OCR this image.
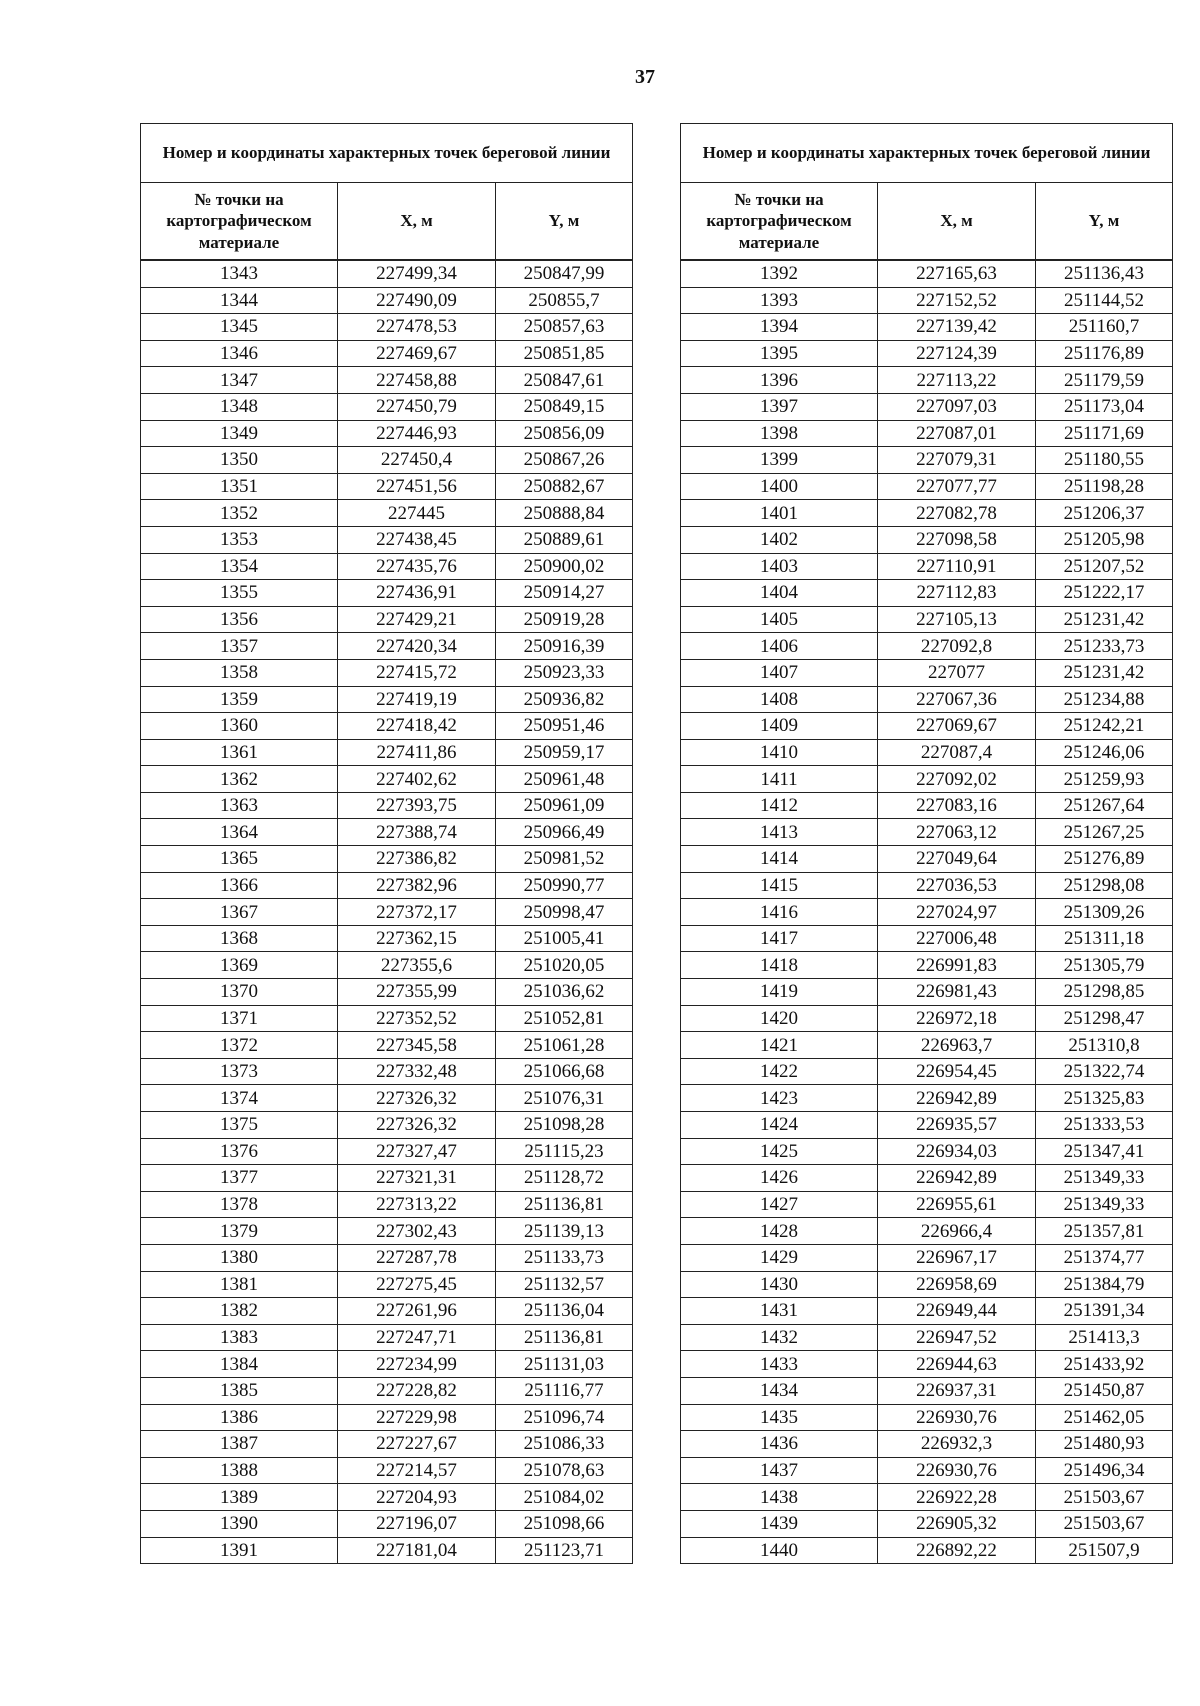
37
Номер и координаты характерных точек береговой линии		
№ точки на картографическом материале	X, м	Y, м
1343	227499,34	250847,99
1344	227490,09	250855,7
1345	227478,53	250857,63
1346	227469,67	250851,85
1347	227458,88	250847,61
1348	227450,79	250849,15
1349	227446,93	250856,09
1350	227450,4	250867,26
1351	227451,56	250882,67
1352	227445	250888,84
1353	227438,45	250889,61
1354	227435,76	250900,02
1355	227436,91	250914,27
1356	227429,21	250919,28
1357	227420,34	250916,39
1358	227415,72	250923,33
1359	227419,19	250936,82
1360	227418,42	250951,46
1361	227411,86	250959,17
1362	227402,62	250961,48
1363	227393,75	250961,09
1364	227388,74	250966,49
1365	227386,82	250981,52
1366	227382,96	250990,77
1367	227372,17	250998,47
1368	227362,15	251005,41
1369	227355,6	251020,05
1370	227355,99	251036,62
1371	227352,52	251052,81
1372	227345,58	251061,28
1373	227332,48	251066,68
1374	227326,32	251076,31
1375	227326,32	251098,28
1376	227327,47	251115,23
1377	227321,31	251128,72
1378	227313,22	251136,81
1379	227302,43	251139,13
1380	227287,78	251133,73
1381	227275,45	251132,57
1382	227261,96	251136,04
1383	227247,71	251136,81
1384	227234,99	251131,03
1385	227228,82	251116,77
1386	227229,98	251096,74
1387	227227,67	251086,33
1388	227214,57	251078,63
1389	227204,93	251084,02
1390	227196,07	251098,66
1391	227181,04	251123,71
Номер и координаты характерных точек береговой линии		
№ точки на картографическом материале	X, м	Y, м
1392	227165,63	251136,43
1393	227152,52	251144,52
1394	227139,42	251160,7
1395	227124,39	251176,89
1396	227113,22	251179,59
1397	227097,03	251173,04
1398	227087,01	251171,69
1399	227079,31	251180,55
1400	227077,77	251198,28
1401	227082,78	251206,37
1402	227098,58	251205,98
1403	227110,91	251207,52
1404	227112,83	251222,17
1405	227105,13	251231,42
1406	227092,8	251233,73
1407	227077	251231,42
1408	227067,36	251234,88
1409	227069,67	251242,21
1410	227087,4	251246,06
1411	227092,02	251259,93
1412	227083,16	251267,64
1413	227063,12	251267,25
1414	227049,64	251276,89
1415	227036,53	251298,08
1416	227024,97	251309,26
1417	227006,48	251311,18
1418	226991,83	251305,79
1419	226981,43	251298,85
1420	226972,18	251298,47
1421	226963,7	251310,8
1422	226954,45	251322,74
1423	226942,89	251325,83
1424	226935,57	251333,53
1425	226934,03	251347,41
1426	226942,89	251349,33
1427	226955,61	251349,33
1428	226966,4	251357,81
1429	226967,17	251374,77
1430	226958,69	251384,79
1431	226949,44	251391,34
1432	226947,52	251413,3
1433	226944,63	251433,92
1434	226937,31	251450,87
1435	226930,76	251462,05
1436	226932,3	251480,93
1437	226930,76	251496,34
1438	226922,28	251503,67
1439	226905,32	251503,67
1440	226892,22	251507,9
